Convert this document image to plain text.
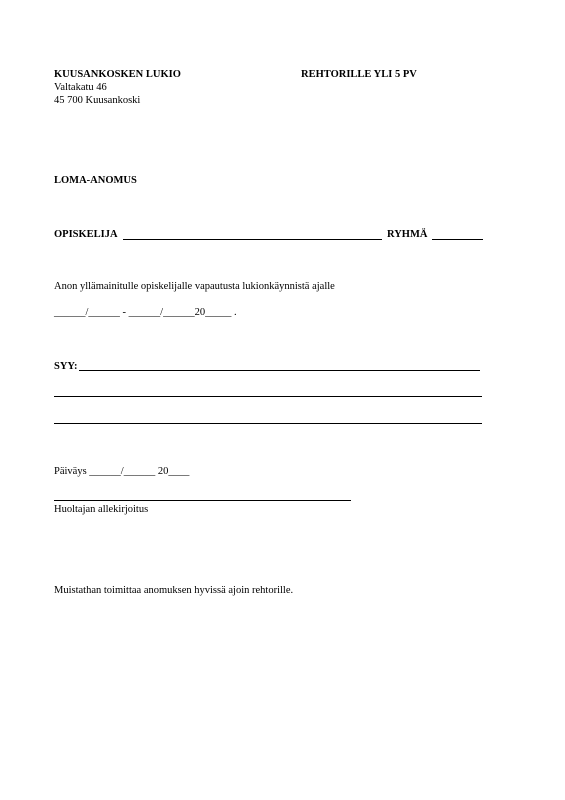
KUUSANKOSKEN LUKIO	REHTORILLE YLI 5 PV
Valtakatu 46
45 700 Kuusankoski
LOMA-ANOMUS
OPISKELIJA	RYHMÄ
Anon yllämainitulle opiskelijalle vapautusta lukionkäynnistä ajalle
______/______ - ______/______20_____ .
SYY:
Päiväys ______/______ 20____
Huoltajan allekirjoitus
Muistathan toimittaa anomuksen hyvissä ajoin rehtorille.
